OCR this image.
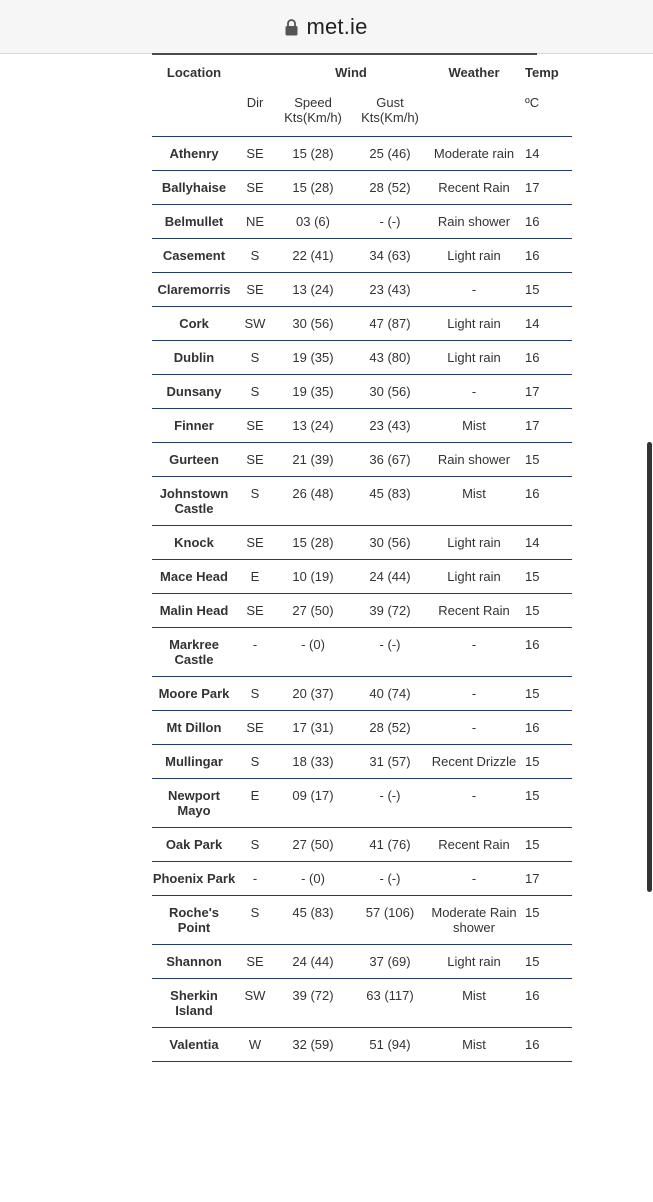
met.ie
Location		Wind		Weather	Temp
	Dir	Speed Kts(Km/h)	Gust Kts(Km/h)		ºC
Athenry	SE	15 (28)	25 (46)	Moderate rain	14
Ballyhaise	SE	15 (28)	28 (52)	Recent Rain	17
Belmullet	NE	03 (6)	- (-)	Rain shower	16
Casement	S	22 (41)	34 (63)	Light rain	16
Claremorris	SE	13 (24)	23 (43)	-	15
Cork	SW	30 (56)	47 (87)	Light rain	14
Dublin	S	19 (35)	43 (80)	Light rain	16
Dunsany	S	19 (35)	30 (56)	-	17
Finner	SE	13 (24)	23 (43)	Mist	17
Gurteen	SE	21 (39)	36 (67)	Rain shower	15
Johnstown Castle	S	26 (48)	45 (83)	Mist	16
Knock	SE	15 (28)	30 (56)	Light rain	14
Mace Head	E	10 (19)	24 (44)	Light rain	15
Malin Head	SE	27 (50)	39 (72)	Recent Rain	15
Markree Castle	-	- (0)	- (-)	-	16
Moore Park	S	20 (37)	40 (74)	-	15
Mt Dillon	SE	17 (31)	28 (52)	-	16
Mullingar	S	18 (33)	31 (57)	Recent Drizzle	15
Newport Mayo	E	09 (17)	- (-)	-	15
Oak Park	S	27 (50)	41 (76)	Recent Rain	15
Phoenix Park	-	- (0)	- (-)	-	17
Roche's Point	S	45 (83)	57 (106)	Moderate Rain shower	15
Shannon	SE	24 (44)	37 (69)	Light rain	15
Sherkin Island	SW	39 (72)	63 (117)	Mist	16
Valentia	W	32 (59)	51 (94)	Mist	16
